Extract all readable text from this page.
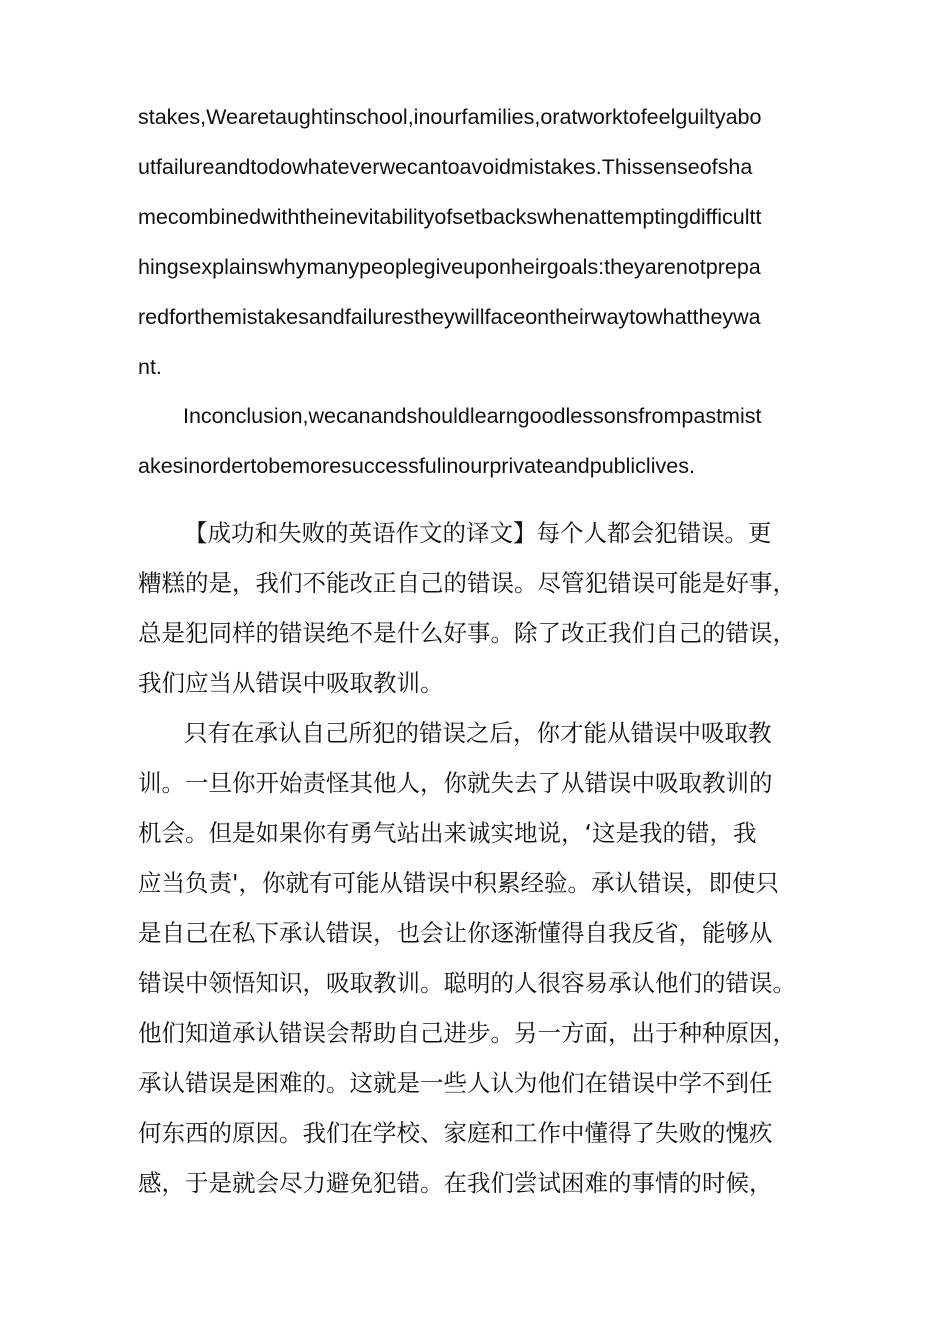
stakes,Wearetaughtinschool,inourfamilies,oratworktofeelguiltyabo
utfailureandtodowhateverwecantoavoidmistakes.Thissenseofsha
mecombinedwiththeinevitabilityofsetbackswhenattemptingdifficultt
hingsexplainswhymanypeoplegiveuponheirgoals:theyarenotprepa
redforthemistakesandfailurestheywillfaceontheirwaytowhattheywa
nt.
Inconclusion,wecanandshouldlearngoodlessonsfrompastmist
akesinordertobemoresuccessfulinourprivateandpubliclives.
【成功和失败的英语作文的译文】每个人都会犯错误。更
糟糕的是，我们不能改正自己的错误。尽管犯错误可能是好事，
总是犯同样的错误绝不是什么好事。除了改正我们自己的错误，
我们应当从错误中吸取教训。
只有在承认自己所犯的错误之后，你才能从错误中吸取教
训。一旦你开始责怪其他人，你就失去了从错误中吸取教训的
机会。但是如果你有勇气站出来诚实地说，‘这是我的错，我
应当负责'，你就有可能从错误中积累经验。承认错误，即使只
是自己在私下承认错误，也会让你逐渐懂得自我反省，能够从
错误中领悟知识，吸取教训。聪明的人很容易承认他们的错误。
他们知道承认错误会帮助自己进步。另一方面，出于种种原因，
承认错误是困难的。这就是一些人认为他们在错误中学不到任
何东西的原因。我们在学校、家庭和工作中懂得了失败的愧疚
感，于是就会尽力避免犯错。在我们尝试困难的事情的时候，
